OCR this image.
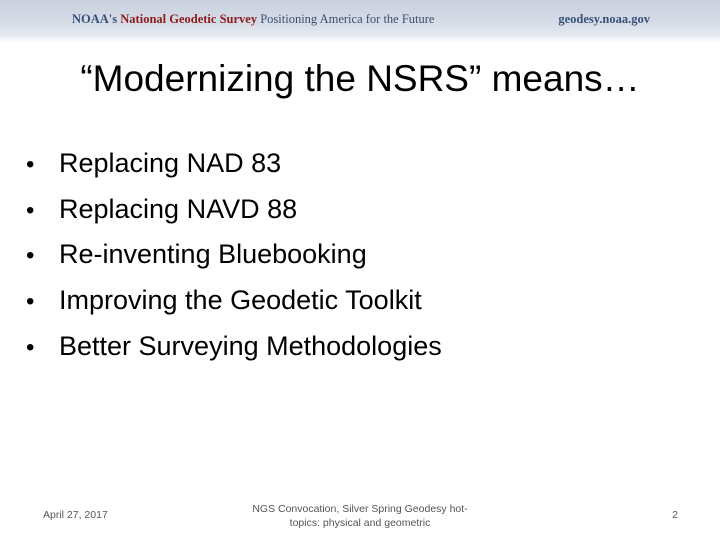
NOAA's National Geodetic Survey Positioning America for the Future	geodesy.noaa.gov
“Modernizing the NSRS” means…
• Replacing NAD 83
• Replacing NAVD 88
• Re-inventing Bluebooking
• Improving the Geodetic Toolkit
• Better Surveying Methodologies
April 27, 2017	NGS Convocation, Silver Spring Geodesy hot-topics: physical and geometric
2
